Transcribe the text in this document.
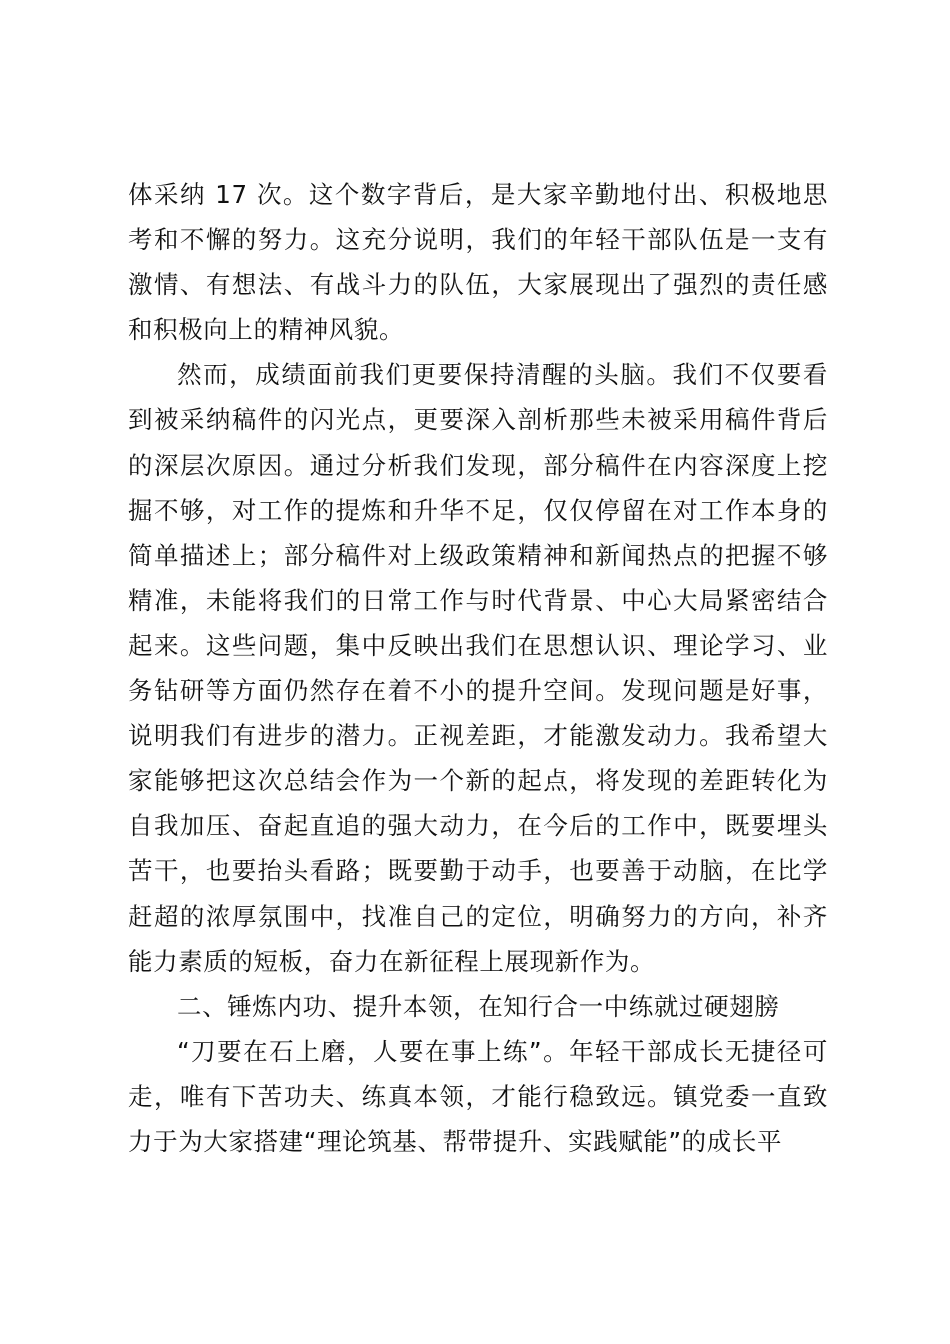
体采纳 17 次。这个数字背后，是大家辛勤地付出、积极地思考和不懈的努力。这充分说明，我们的年轻干部队伍是一支有激情、有想法、有战斗力的队伍，大家展现出了强烈的责任感和积极向上的精神风貌。

然而，成绩面前我们更要保持清醒的头脑。我们不仅要看到被采纳稿件的闪光点，更要深入剖析那些未被采用稿件背后的深层次原因。通过分析我们发现，部分稿件在内容深度上挖掘不够，对工作的提炼和升华不足，仅仅停留在对工作本身的简单描述上；部分稿件对上级政策精神和新闻热点的把握不够精准，未能将我们的日常工作与时代背景、中心大局紧密结合起来。这些问题，集中反映出我们在思想认识、理论学习、业务钻研等方面仍然存在着不小的提升空间。发现问题是好事，说明我们有进步的潜力。正视差距，才能激发动力。我希望大家能够把这次总结会作为一个新的起点，将发现的差距转化为自我加压、奋起直追的强大动力，在今后的工作中，既要埋头苦干，也要抬头看路；既要勤于动手，也要善于动脑，在比学赶超的浓厚氛围中，找准自己的定位，明确努力的方向，补齐能力素质的短板，奋力在新征程上展现新作为。

二、锤炼内功、提升本领，在知行合一中练就过硬翅膀

“刀要在石上磨，人要在事上练”。年轻干部成长无捷径可走，唯有下苦功夫、练真本领，才能行稳致远。镇党委一直致力于为大家搭建“理论筑基、帮带提升、实践赋能”的成长平
